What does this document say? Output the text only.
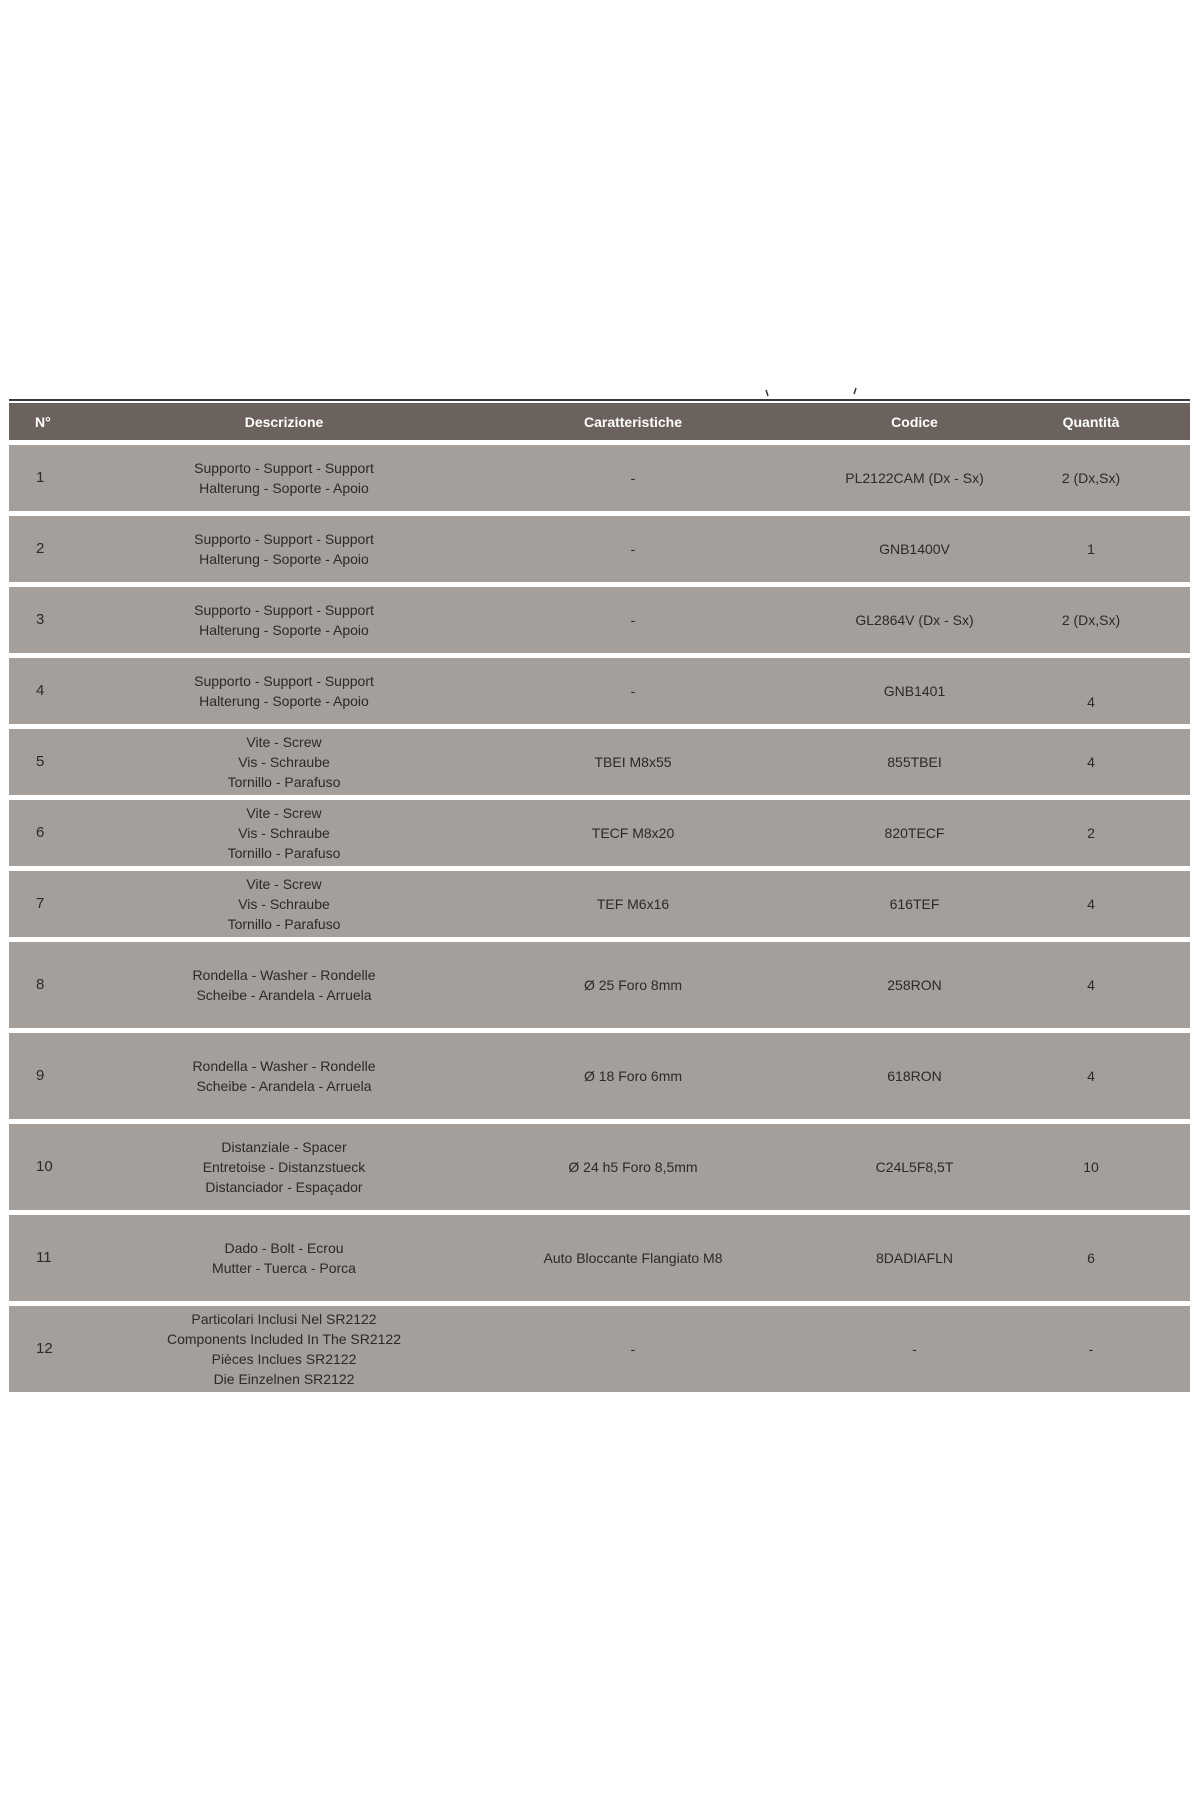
N°	Descrizione	Caratteristiche	Codice	Quantità
1	Supporto - Support - Support
Halterung - Soporte - Apoio	-	PL2122CAM (Dx - Sx)	2 (Dx,Sx)
2	Supporto - Support - Support
Halterung - Soporte - Apoio	-	GNB1400V	1
3	Supporto - Support - Support
Halterung - Soporte - Apoio	-	GL2864V (Dx - Sx)	2 (Dx,Sx)
4	Supporto - Support - Support
Halterung - Soporte - Apoio	-	GNB1401	4

5	Vite - Screw
Vis - Schraube
Tornillo - Parafuso	TBEI M8x55	855TBEI	4
6	Vite - Screw
Vis - Schraube
Tornillo - Parafuso	TECF M8x20	820TECF	2
7	Vite - Screw
Vis - Schraube
Tornillo - Parafuso	TEF M6x16	616TEF	4
8	Rondella - Washer - Rondelle
Scheibe - Arandela - Arruela	Ø 25 Foro 8mm	258RON	4
9	Rondella - Washer - Rondelle
Scheibe - Arandela - Arruela	Ø 18 Foro 6mm	618RON	4
10	Distanziale - Spacer
Entretoise - Distanzstueck
Distanciador - Espaçador	Ø 24 h5 Foro 8,5mm	C24L5F8,5T	10
11	Dado - Bolt - Ecrou
Mutter - Tuerca - Porca	Auto Bloccante Flangiato M8	8DADIAFLN	6
12	Particolari Inclusi Nel SR2122
Components Included In The SR2122
Pièces Inclues SR2122
Die Einzelnen SR2122	-	-	-
